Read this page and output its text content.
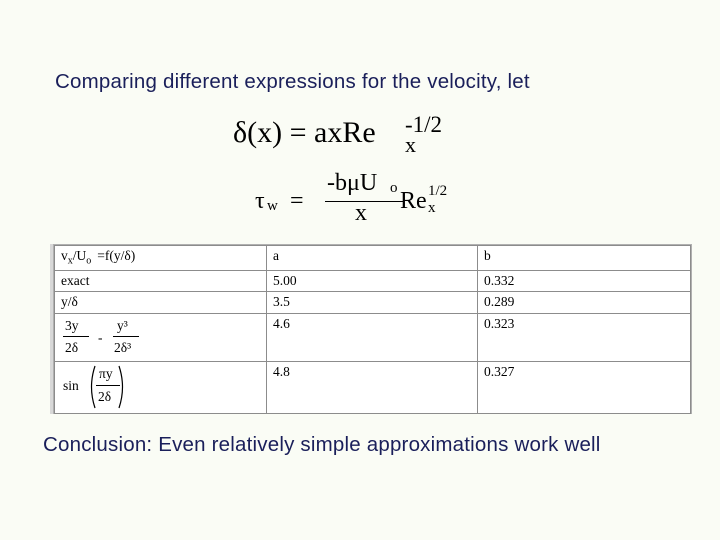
Comparing different expressions for the velocity, let
δ(x) = axRe -1/2
x
τ w =
-bμU o
x Re 1/2
x
$v_x/U_o =f(y/\delta)$	a	b
exact	5.00	0.332
y/δ	3.5	0.289

3y
2δ
-
y³
2δ³	4.6	0.323

sin
πy
2δ	4.8	0.327
Conclusion: Even relatively simple approximations work well
